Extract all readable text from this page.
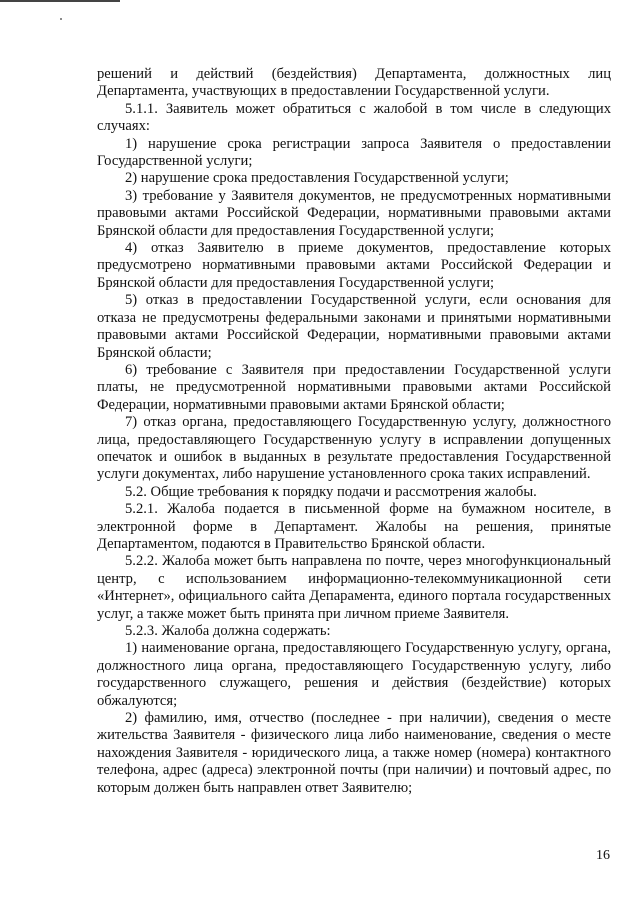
решений и действий (бездействия) Департамента, должностных лиц Департамента, участвующих в предоставлении Государственной услуги.

5.1.1. Заявитель может обратиться с жалобой в том числе в следующих случаях:

1) нарушение срока регистрации запроса Заявителя о предоставлении Государственной услуги;

2) нарушение срока предоставления Государственной услуги;

3) требование у Заявителя документов, не предусмотренных нормативными правовыми актами Российской Федерации, нормативными правовыми актами Брянской области для предоставления Государственной услуги;

4) отказ Заявителю в приеме документов, предоставление которых предусмотрено нормативными правовыми актами Российской Федерации и Брянской области для предоставления Государственной услуги;

5) отказ в предоставлении Государственной услуги, если основания для отказа не предусмотрены федеральными законами и принятыми нормативными правовыми актами Российской Федерации, нормативными правовыми актами Брянской области;

6) требование с Заявителя при предоставлении Государственной услуги платы, не предусмотренной нормативными правовыми актами Российской Федерации, нормативными правовыми актами Брянской области;

7) отказ органа, предоставляющего Государственную услугу, должностного лица, предоставляющего Государственную услугу в исправлении допущенных опечаток и ошибок в выданных в результате предоставления Государственной услуги документах, либо нарушение установленного срока таких исправлений.

5.2. Общие требования к порядку подачи и рассмотрения жалобы.

5.2.1. Жалоба подается в письменной форме на бумажном носителе, в электронной форме в Департамент. Жалобы на решения, принятые Департаментом, подаются в Правительство Брянской области.

5.2.2. Жалоба может быть направлена по почте, через многофункциональный центр, с использованием информационно-телекоммуникационной сети «Интернет», официального сайта Депарамента, единого портала государственных услуг, а также может быть принята при личном приеме Заявителя.

5.2.3. Жалоба должна содержать:

1) наименование органа, предоставляющего Государственную услугу, органа, должностного лица органа, предоставляющего Государственную услугу, либо государственного служащего, решения и действия (бездействие) которых обжалуются;

2) фамилию, имя, отчество (последнее - при наличии), сведения о месте жительства Заявителя - физического лица либо наименование, сведения о месте нахождения Заявителя - юридического лица, а также номер (номера) контактного телефона, адрес (адреса) электронной почты (при наличии) и почтовый адрес, по которым должен быть направлен ответ Заявителю;

16
